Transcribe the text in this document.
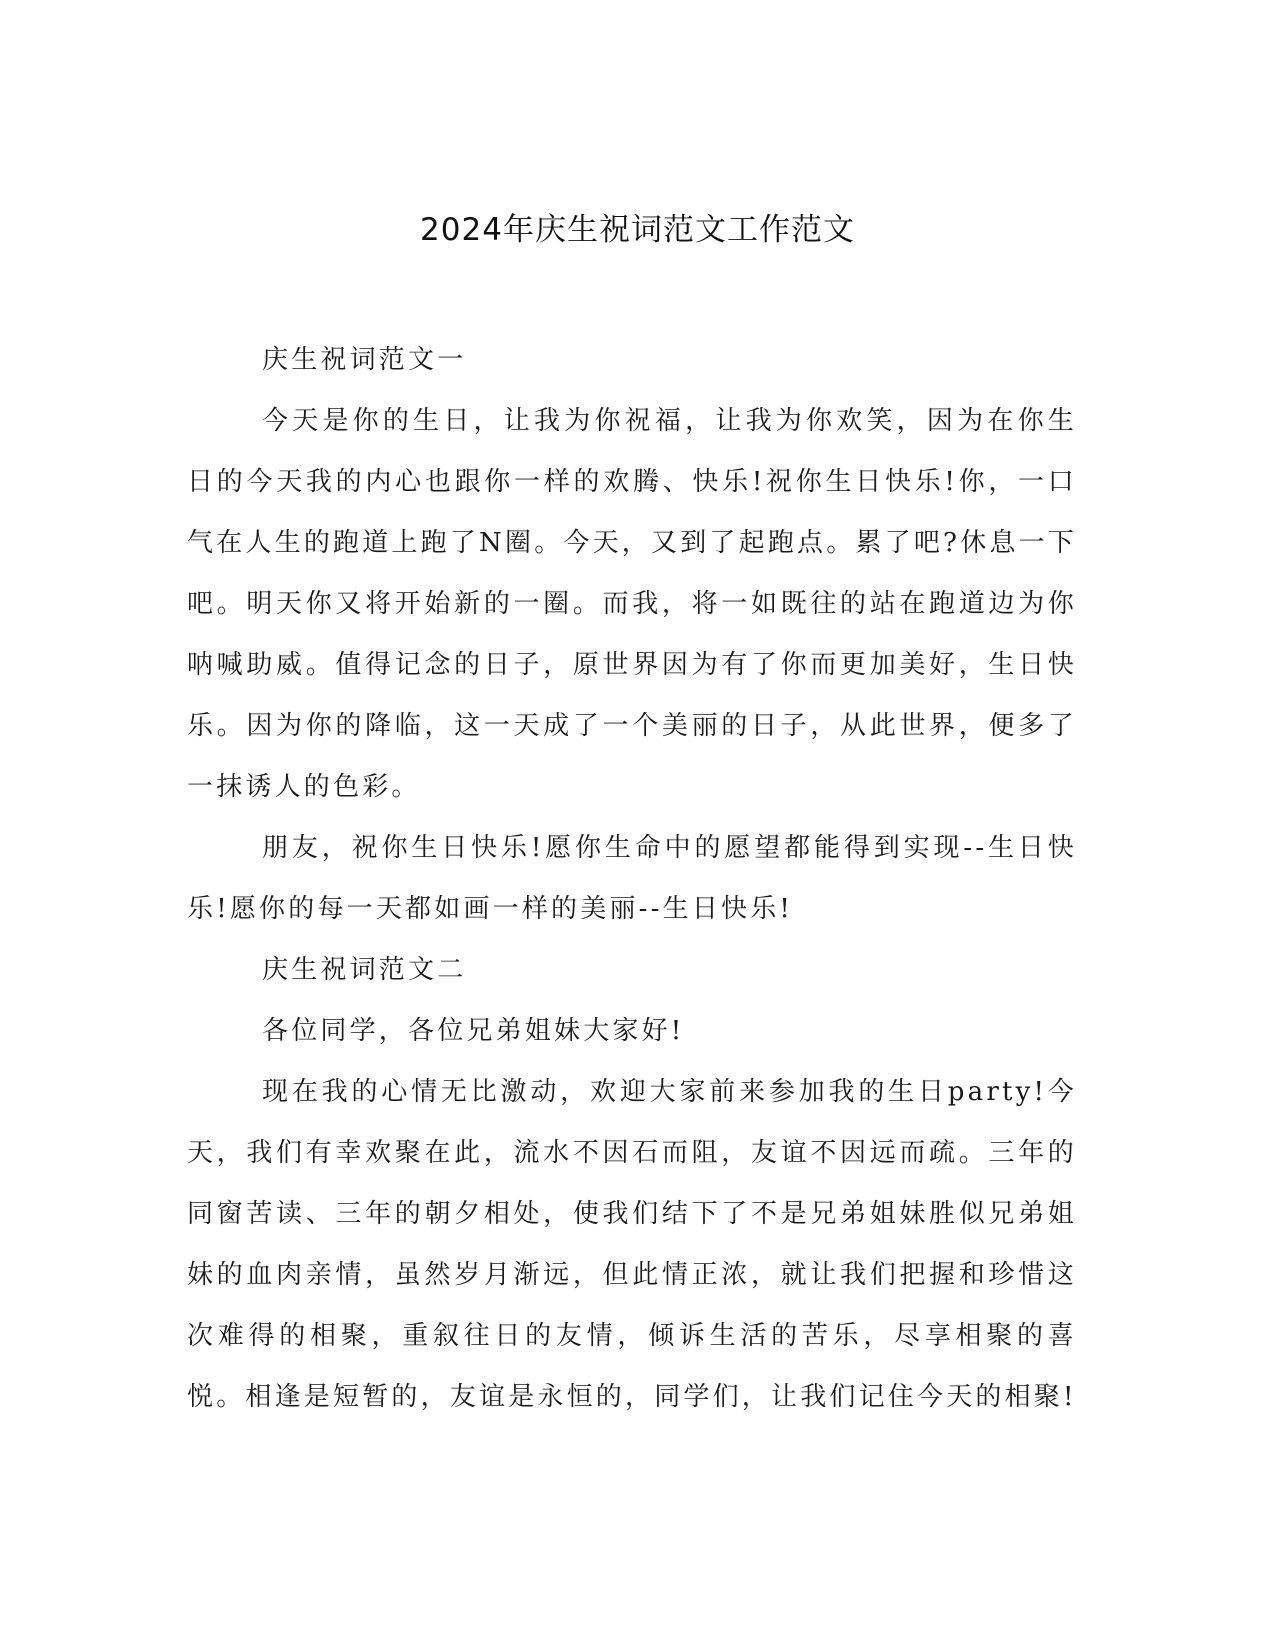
2024年庆生祝词范文工作范文

庆生祝词范文一

今天是你的生日，让我为你祝福，让我为你欢笑，因为在你生日的今天我的内心也跟你一样的欢腾、快乐!祝你生日快乐!你，一口气在人生的跑道上跑了N圈。今天，又到了起跑点。累了吧?休息一下吧。明天你又将开始新的一圈。而我，将一如既往的站在跑道边为你呐喊助威。值得记念的日子，原世界因为有了你而更加美好，生日快乐。因为你的降临，这一天成了一个美丽的日子，从此世界，便多了一抹诱人的色彩。

朋友，祝你生日快乐!愿你生命中的愿望都能得到实现--生日快乐!愿你的每一天都如画一样的美丽--生日快乐!

庆生祝词范文二

各位同学，各位兄弟姐妹大家好!

现在我的心情无比激动，欢迎大家前来参加我的生日party!今天，我们有幸欢聚在此，流水不因石而阻，友谊不因远而疏。三年的同窗苦读、三年的朝夕相处，使我们结下了不是兄弟姐妹胜似兄弟姐妹的血肉亲情，虽然岁月渐远，但此情正浓，就让我们把握和珍惜这次难得的相聚，重叙往日的友情，倾诉生活的苦乐，尽享相聚的喜悦。相逢是短暂的，友谊是永恒的，同学们，让我们记住今天的相聚!
